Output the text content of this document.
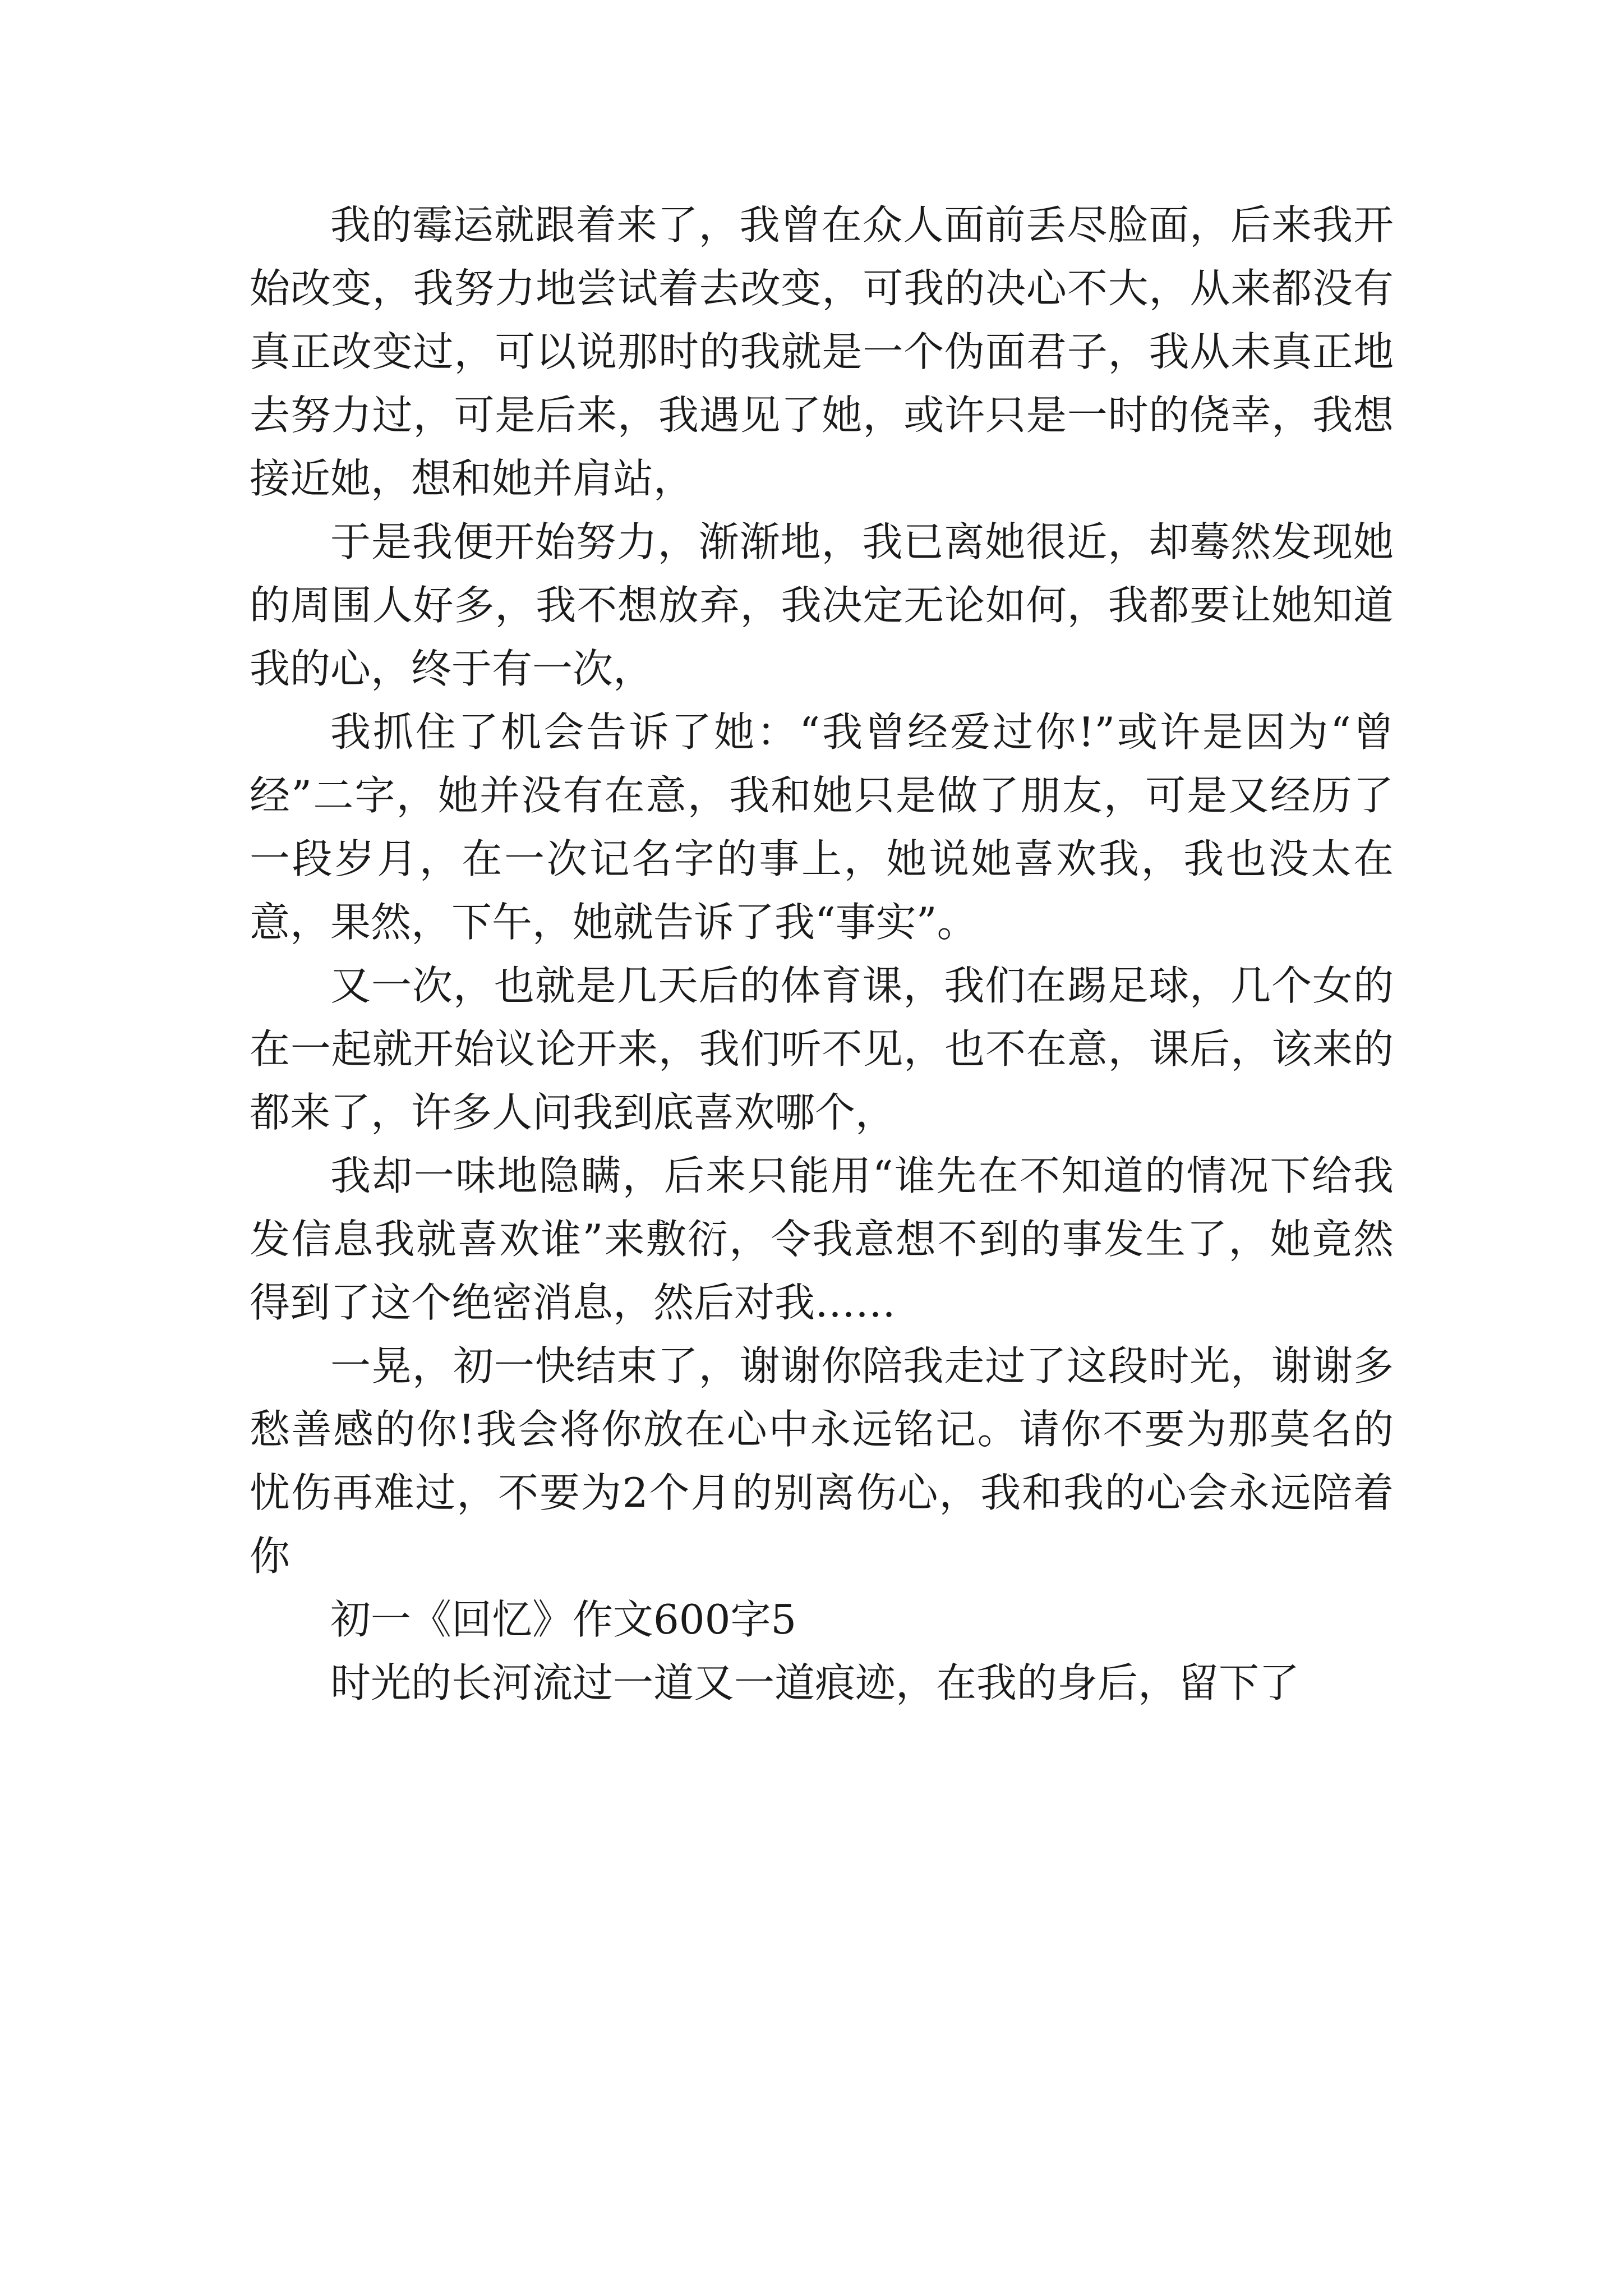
我的霉运就跟着来了，我曾在众人面前丢尽脸面，后来我开始改变，我努力地尝试着去改变，可我的决心不大，从来都没有真正改变过，可以说那时的我就是一个伪面君子，我从未真正地去努力过，可是后来，我遇见了她，或许只是一时的侥幸，我想接近她，想和她并肩站，

于是我便开始努力，渐渐地，我已离她很近，却蓦然发现她的周围人好多，我不想放弃，我决定无论如何，我都要让她知道我的心，终于有一次，

我抓住了机会告诉了她：“我曾经爱过你!”或许是因为“曾经”二字，她并没有在意，我和她只是做了朋友，可是又经历了一段岁月，在一次记名字的事上，她说她喜欢我，我也没太在意，果然，下午，她就告诉了我“事实”。

又一次，也就是几天后的体育课，我们在踢足球，几个女的在一起就开始议论开来，我们听不见，也不在意，课后，该来的都来了，许多人问我到底喜欢哪个，

我却一味地隐瞒，后来只能用“谁先在不知道的情况下给我发信息我就喜欢谁”来敷衍，令我意想不到的事发生了，她竟然得到了这个绝密消息，然后对我……

一晃，初一快结束了，谢谢你陪我走过了这段时光，谢谢多愁善感的你!我会将你放在心中永远铭记。请你不要为那莫名的忧伤再难过，不要为2个月的别离伤心，我和我的心会永远陪着你

初一《回忆》作文600字5

时光的长河流过一道又一道痕迹，在我的身后，留下了
